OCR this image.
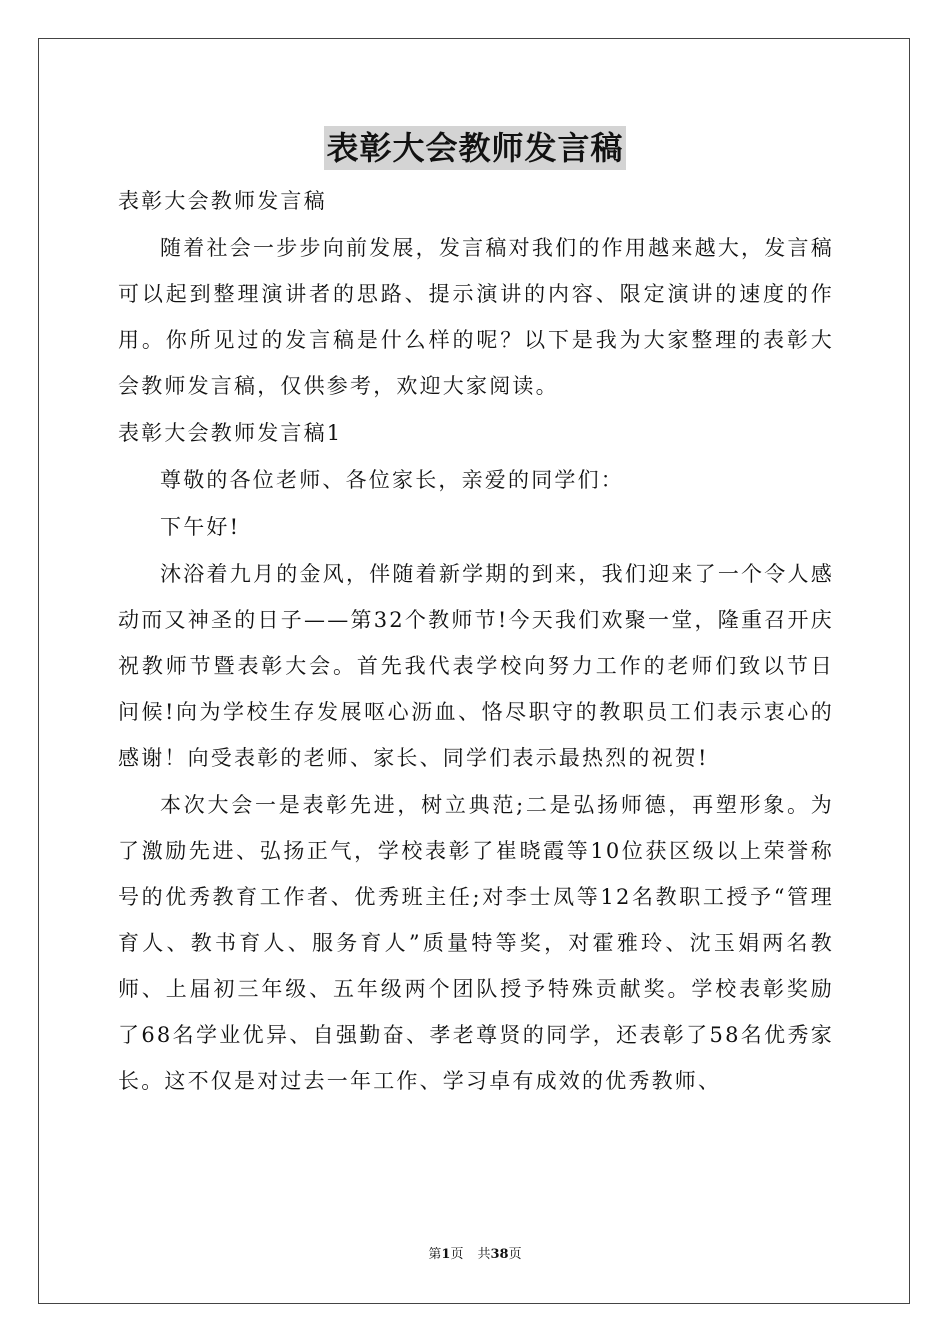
表彰大会教师发言稿

表彰大会教师发言稿

随着社会一步步向前发展，发言稿对我们的作用越来越大，发言稿可以起到整理演讲者的思路、提示演讲的内容、限定演讲的速度的作用。你所见过的发言稿是什么样的呢？以下是我为大家整理的表彰大会教师发言稿，仅供参考，欢迎大家阅读。

表彰大会教师发言稿1

尊敬的各位老师、各位家长，亲爱的同学们：

下午好!

沐浴着九月的金风，伴随着新学期的到来，我们迎来了一个令人感动而又神圣的日子——第32个教师节!今天我们欢聚一堂，隆重召开庆祝教师节暨表彰大会。首先我代表学校向努力工作的老师们致以节日问候!向为学校生存发展呕心沥血、恪尽职守的教职员工们表示衷心的感谢！向受表彰的老师、家长、同学们表示最热烈的祝贺!

本次大会一是表彰先进，树立典范;二是弘扬师德，再塑形象。为了激励先进、弘扬正气，学校表彰了崔晓霞等10位获区级以上荣誉称号的优秀教育工作者、优秀班主任;对李士凤等12名教职工授予“管理育人、教书育人、服务育人”质量特等奖，对霍雅玲、沈玉娟两名教师、上届初三年级、五年级两个团队授予特殊贡献奖。学校表彰奖励了68名学业优异、自强勤奋、孝老尊贤的同学，还表彰了58名优秀家长。这不仅是对过去一年工作、学习卓有成效的优秀教师、

第1页 共38页
